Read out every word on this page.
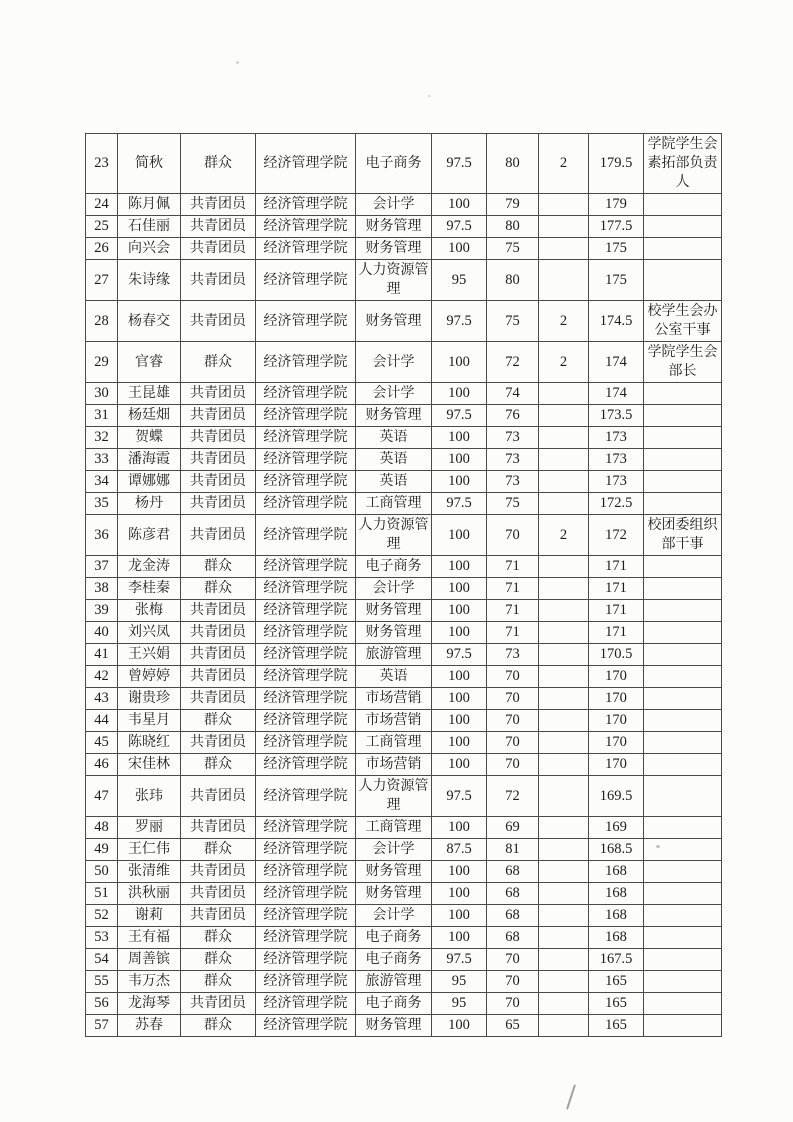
23	简秋	群众	经济管理学院	电子商务	97.5	80	2	179.5	学院学生会素拓部负责人
24	陈月佩	共青团员	经济管理学院	会计学	100	79		179	
25	石佳丽	共青团员	经济管理学院	财务管理	97.5	80		177.5	
26	向兴会	共青团员	经济管理学院	财务管理	100	75		175	
27	朱诗缘	共青团员	经济管理学院	人力资源管理	95	80		175	
28	杨春交	共青团员	经济管理学院	财务管理	97.5	75	2	174.5	校学生会办公室干事
29	官睿	群众	经济管理学院	会计学	100	72	2	174	学院学生会部长
30	王昆雄	共青团员	经济管理学院	会计学	100	74		174	
31	杨廷畑	共青团员	经济管理学院	财务管理	97.5	76		173.5	
32	贺蝶	共青团员	经济管理学院	英语	100	73		173	
33	潘海霞	共青团员	经济管理学院	英语	100	73		173	
34	谭娜娜	共青团员	经济管理学院	英语	100	73		173	
35	杨丹	共青团员	经济管理学院	工商管理	97.5	75		172.5	
36	陈彦君	共青团员	经济管理学院	人力资源管理	100	70	2	172	校团委组织部干事
37	龙金涛	群众	经济管理学院	电子商务	100	71		171	
38	李桂秦	群众	经济管理学院	会计学	100	71		171	
39	张梅	共青团员	经济管理学院	财务管理	100	71		171	
40	刘兴凤	共青团员	经济管理学院	财务管理	100	71		171	
41	王兴娟	共青团员	经济管理学院	旅游管理	97.5	73		170.5	
42	曾婷婷	共青团员	经济管理学院	英语	100	70		170	
43	谢贵珍	共青团员	经济管理学院	市场营销	100	70		170	
44	韦星月	群众	经济管理学院	市场营销	100	70		170	
45	陈晓红	共青团员	经济管理学院	工商管理	100	70		170	
46	宋佳林	群众	经济管理学院	市场营销	100	70		170	
47	张玮	共青团员	经济管理学院	人力资源管理	97.5	72		169.5	
48	罗丽	共青团员	经济管理学院	工商管理	100	69		169	
49	王仁伟	群众	经济管理学院	会计学	87.5	81		168.5	
50	张清维	共青团员	经济管理学院	财务管理	100	68		168	
51	洪秋丽	共青团员	经济管理学院	财务管理	100	68		168	
52	谢莉	共青团员	经济管理学院	会计学	100	68		168	
53	王有福	群众	经济管理学院	电子商务	100	68		168	
54	周善镔	群众	经济管理学院	电子商务	97.5	70		167.5	
55	韦万杰	群众	经济管理学院	旅游管理	95	70		165	
56	龙海琴	共青团员	经济管理学院	电子商务	95	70		165	
57	苏春	群众	经济管理学院	财务管理	100	65		165	
